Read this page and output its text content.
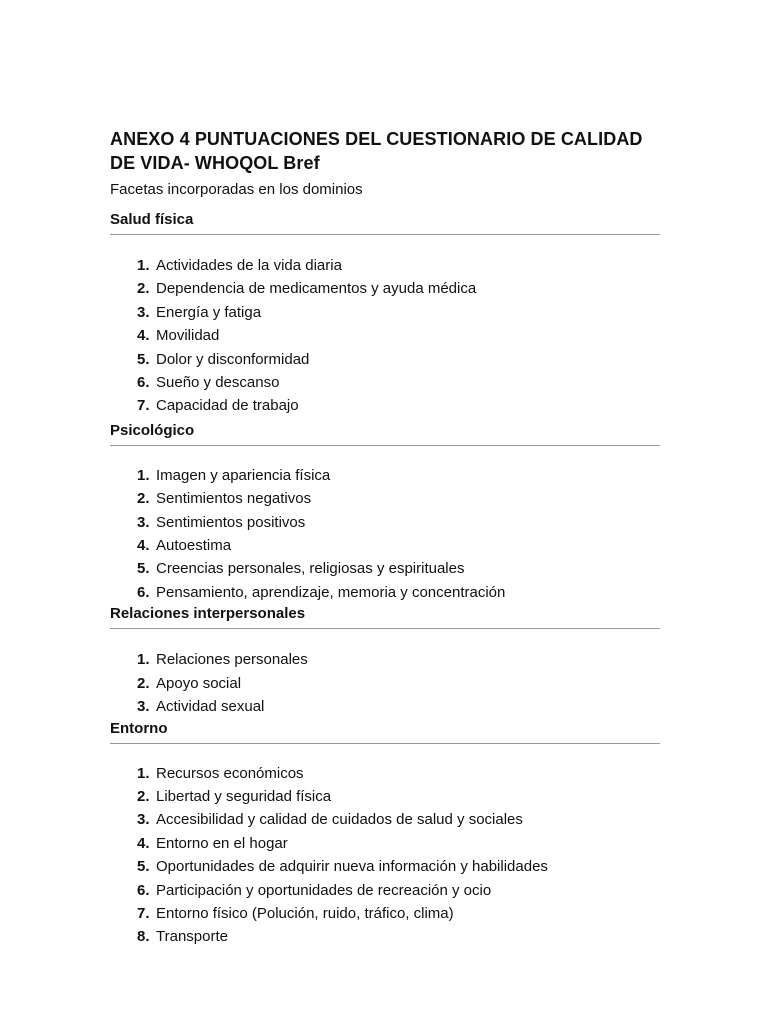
ANEXO 4 PUNTUACIONES DEL CUESTIONARIO DE CALIDAD
DE VIDA- WHOQOL Bref

Facetas incorporadas en los dominios

Salud física
1. Actividades de la vida diaria
2. Dependencia de medicamentos y ayuda médica
3. Energía y fatiga
4. Movilidad
5. Dolor y disconformidad
6. Sueño y descanso
7. Capacidad de trabajo
Psicológico
1. Imagen y apariencia física
2. Sentimientos negativos
3. Sentimientos positivos
4. Autoestima
5. Creencias personales, religiosas y espirituales
6. Pensamiento, aprendizaje, memoria y concentración
Relaciones interpersonales
1. Relaciones personales
2. Apoyo social
3. Actividad sexual
Entorno
1. Recursos económicos
2. Libertad y seguridad física
3. Accesibilidad y calidad de cuidados de salud y sociales
4. Entorno en el hogar
5. Oportunidades de adquirir nueva información y habilidades
6. Participación y oportunidades de recreación y ocio
7. Entorno físico (Polución, ruido, tráfico, clima)
8. Transporte
